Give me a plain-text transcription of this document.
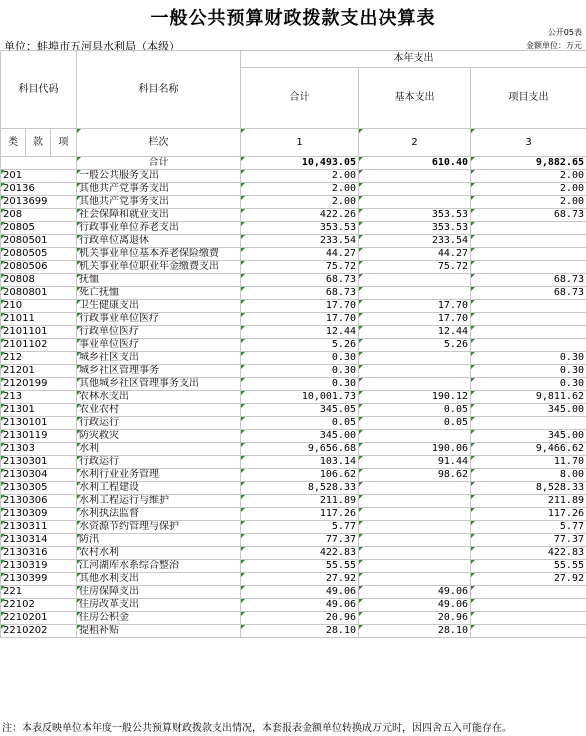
一般公共预算财政拨款支出决算表
单位：蚌埠市五河县水利局（本级）
公开05表
金额单位：万元
科目代码			科目名称	本年支出		
				合计	基本支出	项目支出

类	款	项	栏次	1	2	3
			合计	10,493.05	610.40	9,882.65
201			一般公共服务支出	2.00		2.00
20136			其他共产党事务支出	2.00		2.00
2013699			其他共产党事务支出	2.00		2.00
208			社会保障和就业支出	422.26	353.53	68.73
20805			行政事业单位养老支出	353.53	353.53	
2080501			行政单位离退休	233.54	233.54	
2080505			机关事业单位基本养老保险缴费	44.27	44.27	
2080506			机关事业单位职业年金缴费支出	75.72	75.72	
20808			抚恤	68.73		68.73
2080801			死亡抚恤	68.73		68.73
210			卫生健康支出	17.70	17.70	
21011			行政事业单位医疗	17.70	17.70	
2101101			行政单位医疗	12.44	12.44	
2101102			事业单位医疗	5.26	5.26	
212			城乡社区支出	0.30		0.30
21201			城乡社区管理事务	0.30		0.30
2120199			其他城乡社区管理事务支出	0.30		0.30
213			农林水支出	10,001.73	190.12	9,811.62
21301			农业农村	345.05	0.05	345.00
2130101			行政运行	0.05	0.05	
2130119			防灾救灾	345.00		345.00
21303			水利	9,656.68	190.06	9,466.62
2130301			行政运行	103.14	91.44	11.70
2130304			水利行业业务管理	106.62	98.62	8.00
2130305			水利工程建设	8,528.33		8,528.33
2130306			水利工程运行与维护	211.89		211.89
2130309			水利执法监督	117.26		117.26
2130311			水资源节约管理与保护	5.77		5.77
2130314			防汛	77.37		77.37
2130316			农村水利	422.83		422.83
2130319			江河湖库水系综合整治	55.55		55.55
2130399			其他水利支出	27.92		27.92
221			住房保障支出	49.06	49.06	
22102			住房改革支出	49.06	49.06	
2210201			住房公积金	20.96	20.96	
2210202			提租补贴	28.10	28.10	
注：本表反映单位本年度一般公共预算财政拨款支出情况，本套报表金额单位转换成万元时，因四舍五入可能存在。
